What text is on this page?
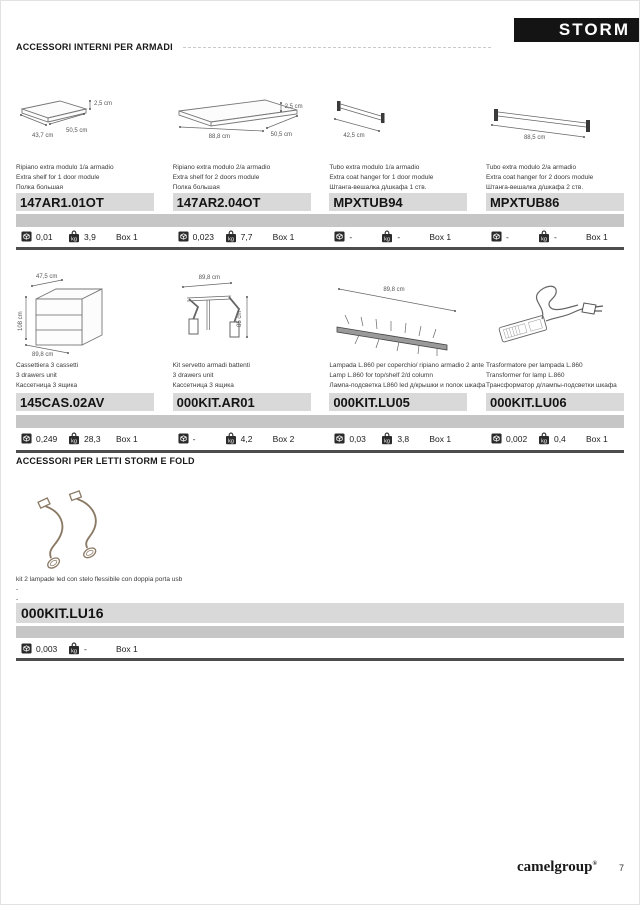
STORM
ACCESSORI INTERNI PER ARMADI
43,7 cm
50,5 cm
2,5 cm
Ripiano extra modulo 1/a armadio
Extra shelf for 1 door module
Полка большая
147AR1.01OT
88,8 cm	50,5 cm
2,5 cm
Ripiano extra modulo 2/a armadio
Extra shelf for 2 doors module
Полка большая
147AR2.04OT
42,5 cm
Tubo extra modulo 1/a armadio
Extra coat hanger for 1 door module
Штанга-вешалка д/шкафа 1 ств.
MPXTUB94
88,5 cm
Tubo extra modulo 2/a armadio
Extra coat hanger for 2 doors module
Штанга-вешалка д/шкафа 2 ств.
MPXTUB86
0,01	kg 3,9	Box 1	0,023	kg 7,7	Box 1	-	kg -	Box 1	-	kg -	Box 1
47,5 cm
108 cm
89,8 cm
Cassettiera 3 cassetti
3 drawers unit
Кассетница 3 ящика
145CAS.02AV
89,8 cm
85 cm
Kit servetto armadi battenti
3 drawers unit
Кассетница 3 ящика
000KIT.AR01
89,8 cm
Lampada L.860 per coperchio/ ripiano armadio 2 ante
Lamp L.860 for top/shelf 2/d column
Лампа-подсветка L860 led д/крышки и полок шкафа
000KIT.LU05
Trasformatore per lampada L.860
Transformer for lamp L.860
Трансформатор д/лампы-подсветки шкафа
000KIT.LU06
0,249	kg 28,3	Box 1	-	kg 4,2	Box 2	0,03	kg 3,8	Box 1	0,002	kg 0,4	Box 1
ACCESSORI PER LETTI STORM E FOLD
kit 2 lampade led con stelo flessibile con doppia porta usb
-
-
000KIT.LU16
0,003	kg -	Box 1
camelgroup® 7
